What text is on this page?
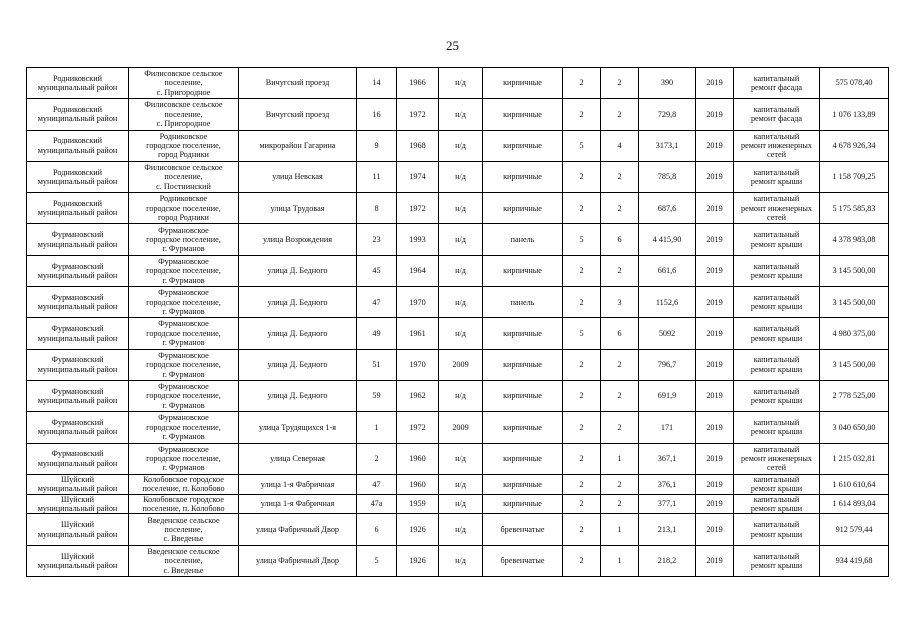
25
Родниковский
муниципальный район	Филисовское сельское
поселение,
с. Пригородное	Вичугский проезд	14	1966	н/д	кирпичные	2	2	390	2019	капитальный
ремонт фасада	575 078,40
Родниковский
муниципальный район	Филисовское сельское
поселение,
с. Пригородное	Вичугский проезд	16	1972	н/д	кирпичные	2	2	729,8	2019	капитальный
ремонт фасада	1 076 133,89
Родниковский
муниципальный район	Родниковское
городское поселение,
город Родники	микрорайон Гагарина	9	1968	н/д	кирпичные	5	4	3173,1	2019	капитальный
ремонт инженерных
сетей	4 678 926,34
Родниковский
муниципальный район	Филисовское сельское
поселение,
с. Постнинский	улица Невская	11	1974	н/д	кирпичные	2	2	785,8	2019	капитальный
ремонт крыши	1 158 709,25
Родниковский
муниципальный район	Родниковское
городское поселение,
город Родники	улица Трудовая	8	1972	н/д	кирпичные	2	2	687,6	2019	капитальный
ремонт инженерных
сетей	5 175 585,83
Фурмановский
муниципальный район	Фурмановское
городское поселение,
г. Фурманов	улица Возрождения	23	1993	н/д	панель	5	6	4 415,90	2019	капитальный
ремонт крыши	4 378 983,08
Фурмановский
муниципальный район	Фурмановское
городское поселение,
г. Фурманов	улица Д. Бедного	45	1964	н/д	кирпичные	2	2	661,6	2019	капитальный
ремонт крыши	3 145 500,00
Фурмановский
муниципальный район	Фурмановское
городское поселение,
г. Фурманов	улица Д. Бедного	47	1970	н/д	панель	2	3	1152,6	2019	капитальный
ремонт крыши	3 145 500,00
Фурмановский
муниципальный район	Фурмановское
городское поселение,
г. Фурманов	улица Д. Бедного	49	1961	н/д	кирпичные	5	6	5092	2019	капитальный
ремонт крыши	4 980 375,00
Фурмановский
муниципальный район	Фурмановское
городское поселение,
г. Фурманов	улица Д. Бедного	51	1970	2009	кирпичные	2	2	796,7	2019	капитальный
ремонт крыши	3 145 500,00
Фурмановский
муниципальный район	Фурмановское
городское поселение,
г. Фурманов	улица Д. Бедного	59	1962	н/д	кирпичные	2	2	691,9	2019	капитальный
ремонт крыши	2 778 525,00
Фурмановский
муниципальный район	Фурмановское
городское поселение,
г. Фурманов	улица Трудящихся 1-я	1	1972	2009	кирпичные	2	2	171	2019	капитальный
ремонт крыши	3 040 650,00
Фурмановский
муниципальный район	Фурмановское
городское поселение,
г. Фурманов	улица Северная	2	1960	н/д	кирпичные	2	1	367,1	2019	капитальный
ремонт инженерных
сетей	1 215 032,81
Шуйский
муниципальный район	Колобовское городское
поселение, п. Колобово	улица 1-я Фабричная	47	1960	н/д	кирпичные	2	2	376,1	2019	капитальный
ремонт крыши	1 610 610,64
Шуйский
муниципальный район	Колобовское городское
поселение, п. Колобово	улица 1-я Фабричная	47а	1959	н/д	кирпичные	2	2	377,1	2019	капитальный
ремонт крыши	1 614 893,04
Шуйский
муниципальный район	Введенское сельское
поселение,
с. Введенье	улица Фабричный Двор	6	1926	н/д	бревенчатые	2	1	213,1	2019	капитальный
ремонт крыши	912 579,44
Шуйский
муниципальный район	Введенское сельское
поселение,
с. Введенье	улица Фабричный Двор	5	1926	н/д	бревенчатые	2	1	218,2	2019	капитальный
ремонт крыши	934 419,68
